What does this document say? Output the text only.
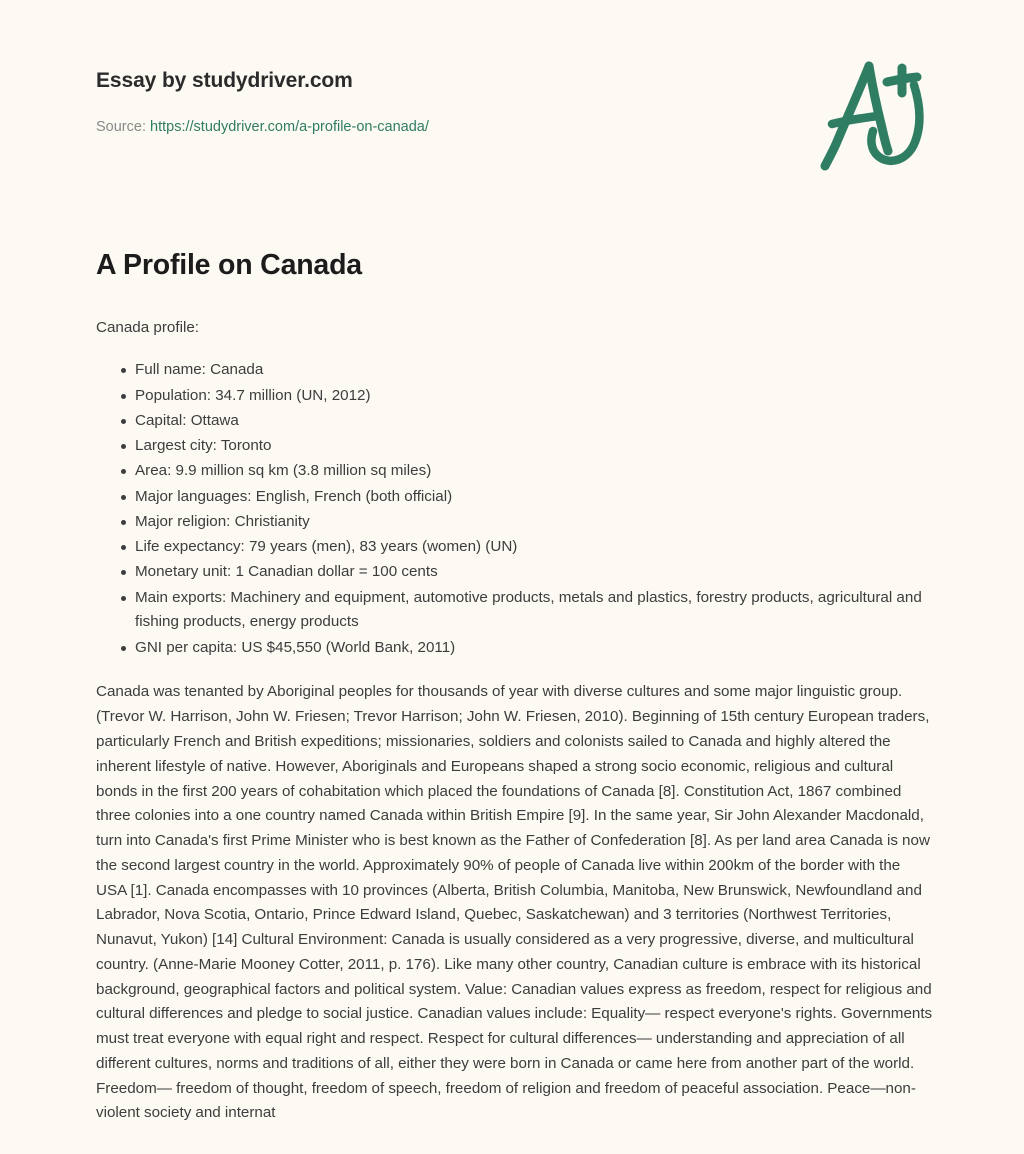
Essay by studydriver.com
Source: https://studydriver.com/a-profile-on-canada/
A Profile on Canada

Canada profile:

Full name: Canada
Population: 34.7 million (UN, 2012)
Capital: Ottawa
Largest city: Toronto
Area: 9.9 million sq km (3.8 million sq miles)
Major languages: English, French (both official)
Major religion: Christianity
Life expectancy: 79 years (men), 83 years (women) (UN)
Monetary unit: 1 Canadian dollar = 100 cents
Main exports: Machinery and equipment, automotive products, metals and plastics, forestry products, agricultural and fishing products, energy products
GNI per capita: US $45,550 (World Bank, 2011)

Canada was tenanted by Aboriginal peoples for thousands of year with diverse cultures and some major linguistic group. (Trevor W. Harrison, John W. Friesen; Trevor Harrison; John W. Friesen, 2010). Beginning of 15th century European traders, particularly French and British expeditions; missionaries, soldiers and colonists sailed to Canada and highly altered the inherent lifestyle of native. However, Aboriginals and Europeans shaped a strong socio economic, religious and cultural bonds in the first 200 years of cohabitation which placed the foundations of Canada [8]. Constitution Act, 1867 combined three colonies into a one country named Canada within British Empire [9]. In the same year, Sir John Alexander Macdonald, turn into Canada's first Prime Minister who is best known as the Father of Confederation [8]. As per land area Canada is now the second largest country in the world. Approximately 90% of people of Canada live within 200km of the border with the USA [1]. Canada encompasses with 10 provinces (Alberta, British Columbia, Manitoba, New Brunswick, Newfoundland and Labrador, Nova Scotia, Ontario, Prince Edward Island, Quebec, Saskatchewan) and 3 territories (Northwest Territories, Nunavut, Yukon) [14] Cultural Environment: Canada is usually considered as a very progressive, diverse, and multicultural country. (Anne-Marie Mooney Cotter, 2011, p. 176). Like many other country, Canadian culture is embrace with its historical background, geographical factors and political system. Value: Canadian values express as freedom, respect for religious and cultural differences and pledge to social justice. Canadian values include: Equality— respect everyone's rights. Governments must treat everyone with equal right and respect. Respect for cultural differences— understanding and appreciation of all different cultures, norms and traditions of all, either they were born in Canada or came here from another part of the world. Freedom— freedom of thought, freedom of speech, freedom of religion and freedom of peaceful association. Peace—non-violent society and internat
